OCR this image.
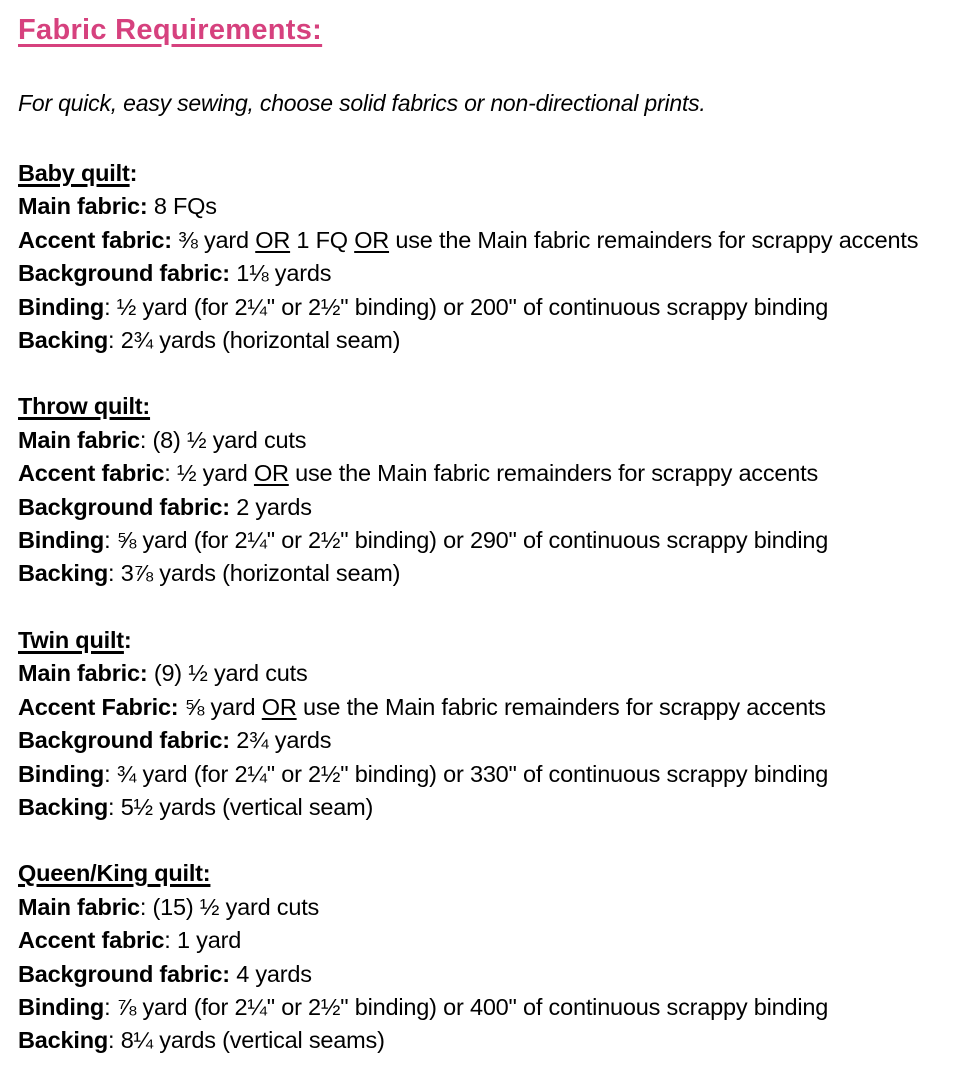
Fabric Requirements:

For quick, easy sewing, choose solid fabrics or non-directional prints.

Baby quilt:

Main fabric: 8 FQs

Accent fabric: ⅜ yard OR 1 FQ OR use the Main fabric remainders for scrappy accents

Background fabric: 1⅛ yards

Binding: ½ yard (for 2¼" or 2½" binding) or 200" of continuous scrappy binding

Backing: 2¾ yards (horizontal seam)

Throw quilt:

Main fabric: (8) ½ yard cuts

Accent fabric: ½ yard OR use the Main fabric remainders for scrappy accents

Background fabric: 2 yards

Binding: ⅝ yard (for 2¼" or 2½" binding) or 290" of continuous scrappy binding

Backing: 3⅞ yards (horizontal seam)

Twin quilt:

Main fabric: (9) ½ yard cuts

Accent Fabric: ⅝ yard OR use the Main fabric remainders for scrappy accents

Background fabric: 2¾ yards

Binding: ¾ yard (for 2¼" or 2½" binding) or 330" of continuous scrappy binding

Backing: 5½ yards (vertical seam)

Queen/King quilt:

Main fabric: (15) ½ yard cuts

Accent fabric: 1 yard

Background fabric: 4 yards

Binding: ⅞ yard (for 2¼" or 2½" binding) or 400" of continuous scrappy binding

Backing: 8¼ yards (vertical seams)
